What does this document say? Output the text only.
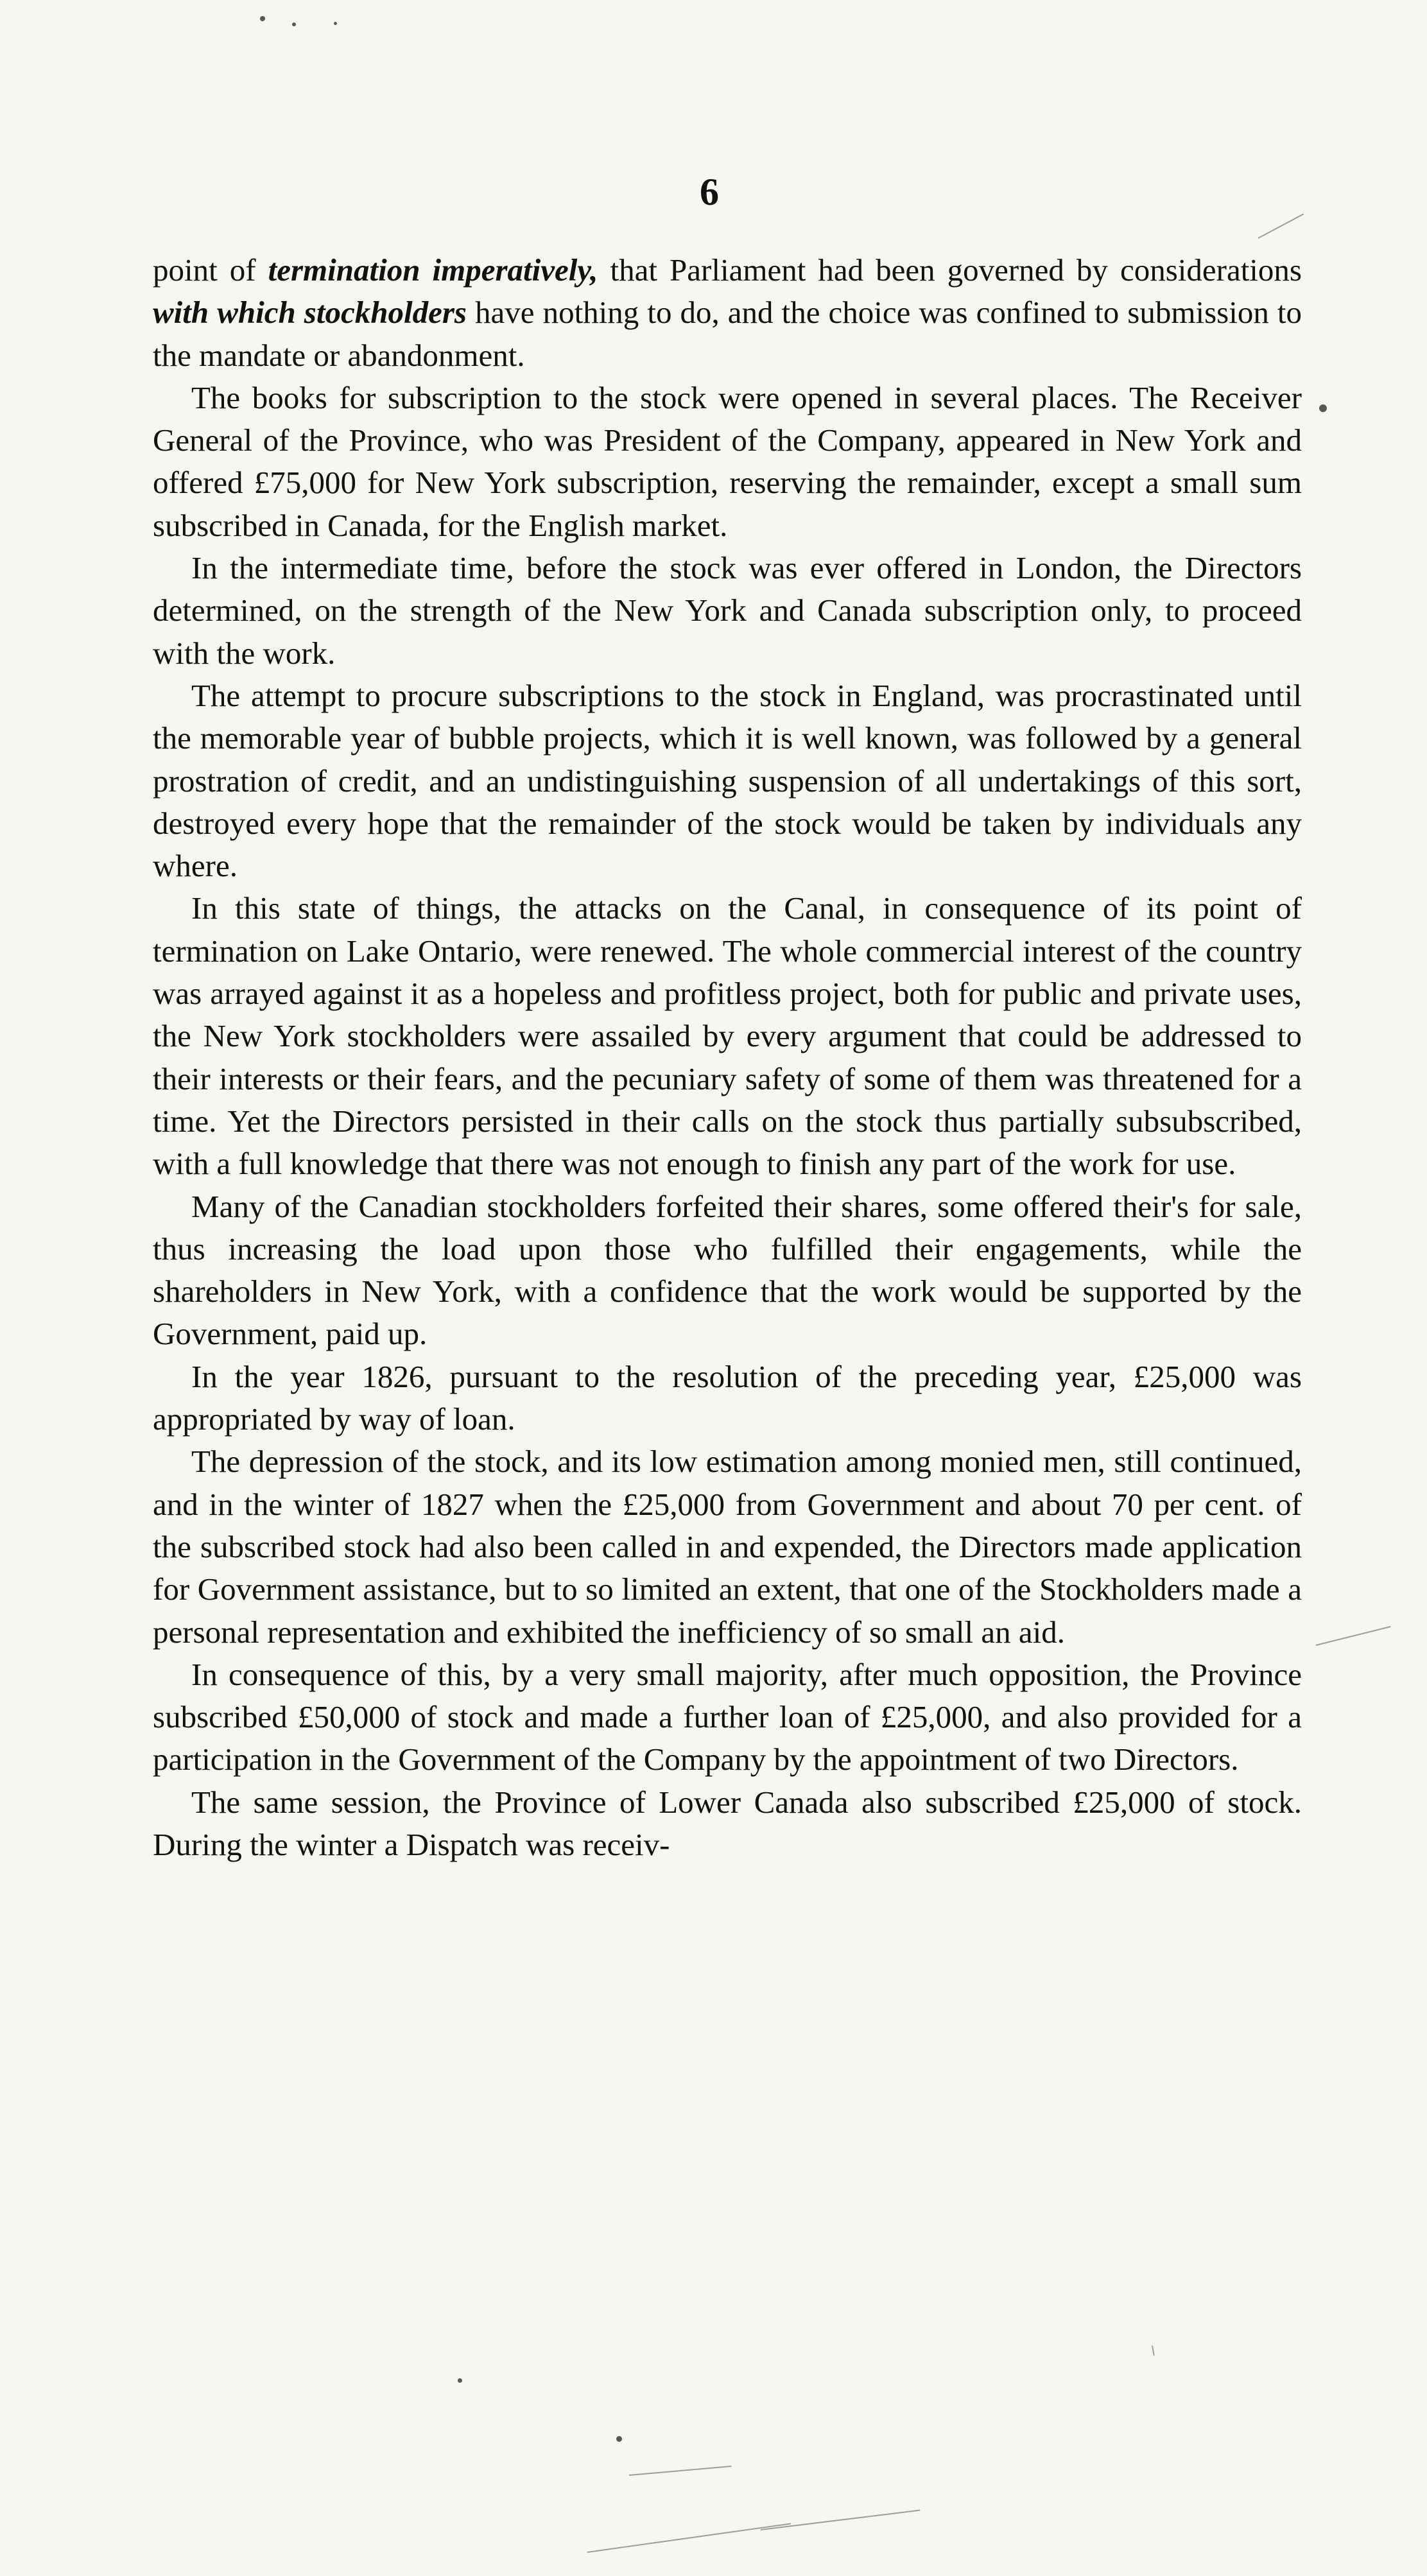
6

point of termination imperatively, that Parliament had been governed by considerations with which stockholders have nothing to do, and the choice was confined to submission to the mandate or abandonment.

The books for subscription to the stock were opened in several places. The Receiver General of the Province, who was President of the Company, appeared in New York and offered £75,000 for New York subscription, reserving the remainder, except a small sum subscribed in Canada, for the English market.

In the intermediate time, before the stock was ever offered in London, the Directors determined, on the strength of the New York and Canada subscription only, to proceed with the work.

The attempt to procure subscriptions to the stock in England, was procrastinated until the memorable year of bubble projects, which it is well known, was followed by a general prostration of credit, and an undistinguishing suspension of all undertakings of this sort, destroyed every hope that the remainder of the stock would be taken by individuals any where.

In this state of things, the attacks on the Canal, in consequence of its point of termination on Lake Ontario, were renewed. The whole commercial interest of the country was arrayed against it as a hopeless and profitless project, both for public and private uses, the New York stockholders were assailed by every argument that could be addressed to their interests or their fears, and the pecuniary safety of some of them was threatened for a time. Yet the Directors persisted in their calls on the stock thus partially subsubscribed, with a full knowledge that there was not enough to finish any part of the work for use.

Many of the Canadian stockholders forfeited their shares, some offered their's for sale, thus increasing the load upon those who fulfilled their engagements, while the shareholders in New York, with a confidence that the work would be supported by the Government, paid up.

In the year 1826, pursuant to the resolution of the preceding year, £25,000 was appropriated by way of loan.

The depression of the stock, and its low estimation among monied men, still continued, and in the winter of 1827 when the £25,000 from Government and about 70 per cent. of the subscribed stock had also been called in and expended, the Directors made application for Government assistance, but to so limited an extent, that one of the Stockholders made a personal representation and exhibited the inefficiency of so small an aid.

In consequence of this, by a very small majority, after much opposition, the Province subscribed £50,000 of stock and made a further loan of £25,000, and also provided for a participation in the Government of the Company by the appointment of two Directors.

The same session, the Province of Lower Canada also subscribed £25,000 of stock. During the winter a Dispatch was receiv-
